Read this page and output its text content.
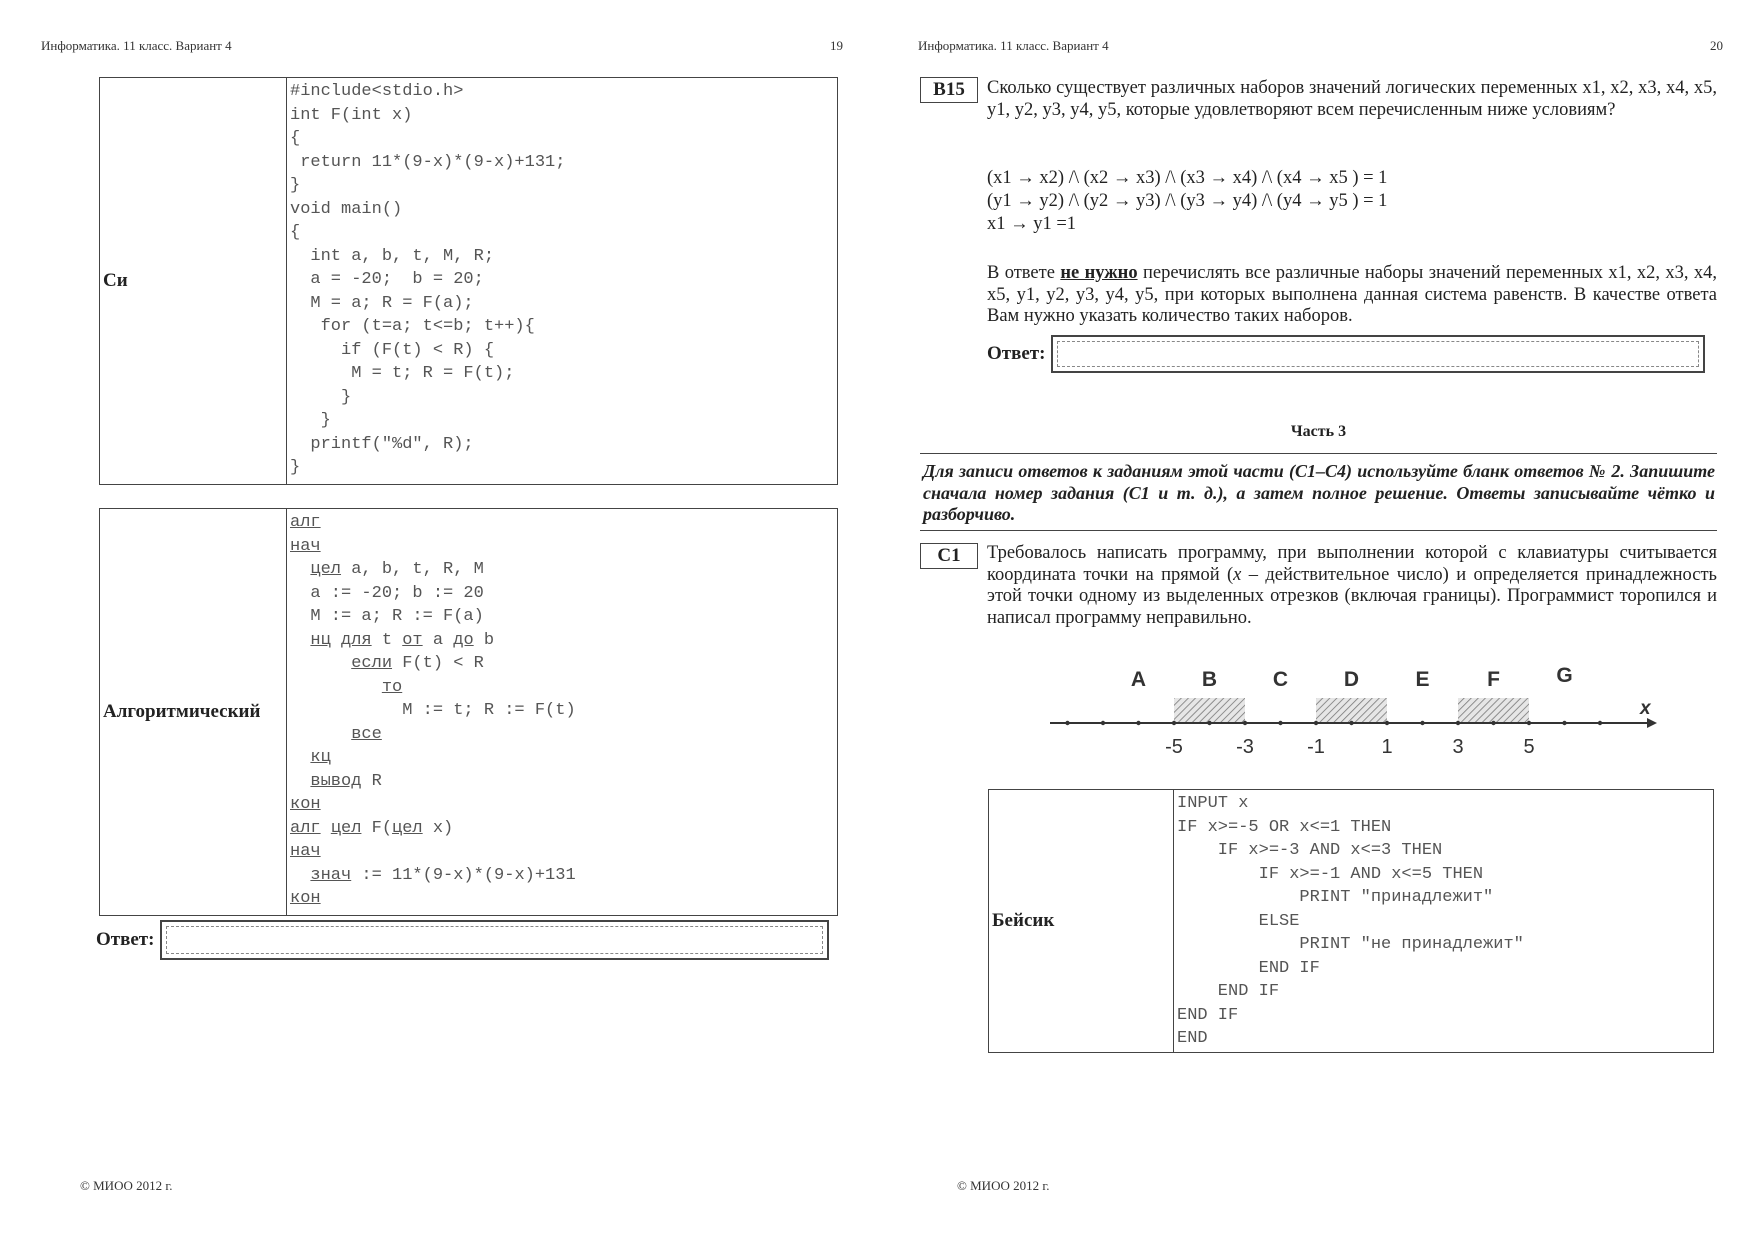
Информатика. 11 класс. Вариант 4	19
Си	
#include<stdio.h>
int F(int x)
{
return 11*(9-x)*(9-x)+131;
}
void main()
{
int a, b, t, M, R;
a = -20;  b = 20;
M = a; R = F(a);
for (t=a; t<=b; t++){
if (F(t) < R) {
M = t; R = F(t);
}
}
printf("%d", R);
}
Алгоритмический	
алг
нач
цел a, b, t, R, M
a := -20; b := 20
M := a; R := F(a)
нц для t от a до b
если F(t) < R
то
M := t; R := F(t)
все
кц
вывод R
кон
алг цел F(цел x)
нач
знач := 11*(9-x)*(9-x)+131
кон
Ответ:
© МИОО 2012 г.
Информатика. 11 класс. Вариант 4	20
B15	Сколько существует различных наборов значений логических переменных x1, x2, x3, x4, x5, y1, y2, y3, y4, y5, которые удовлетворяют всем перечисленным ниже условиям?
(x1 → x2) /\ (x2 → x3) /\ (x3 → x4) /\ (x4 → x5 ) = 1
(y1 → y2) /\ (y2 → y3) /\ (y3 → y4) /\ (y4 → y5 ) = 1
x1 → y1 =1
В ответе не нужно перечислять все различные наборы значений переменных x1, x2, x3, x4, x5, y1, y2, y3, y4, y5, при которых выполнена данная система равенств. В качестве ответа Вам нужно указать количество таких наборов.
Ответ:
Часть 3
Для записи ответов к заданиям этой части (С1–С4) используйте бланк ответов № 2. Запишите сначала номер задания (С1 и т. д.), а затем полное решение. Ответы записывайте чётко и разборчиво.
C1	Требовалось написать программу, при выполнении которой с клавиатуры считывается координата точки на прямой (x – действительное число) и определяется принадлежность этой точки одному из выделенных отрезков (включая границы). Программист торопился и написал программу неправильно.
A	B	C	D	E	F	G
-5	-3	-1	1	3	5
x
Бейсик	
INPUT x
IF x>=-5 OR x<=1 THEN
IF x>=-3 AND x<=3 THEN
IF x>=-1 AND x<=5 THEN
PRINT "принадлежит"
ELSE
PRINT "не принадлежит"
END IF
END IF
END IF
END
© МИОО 2012 г.
